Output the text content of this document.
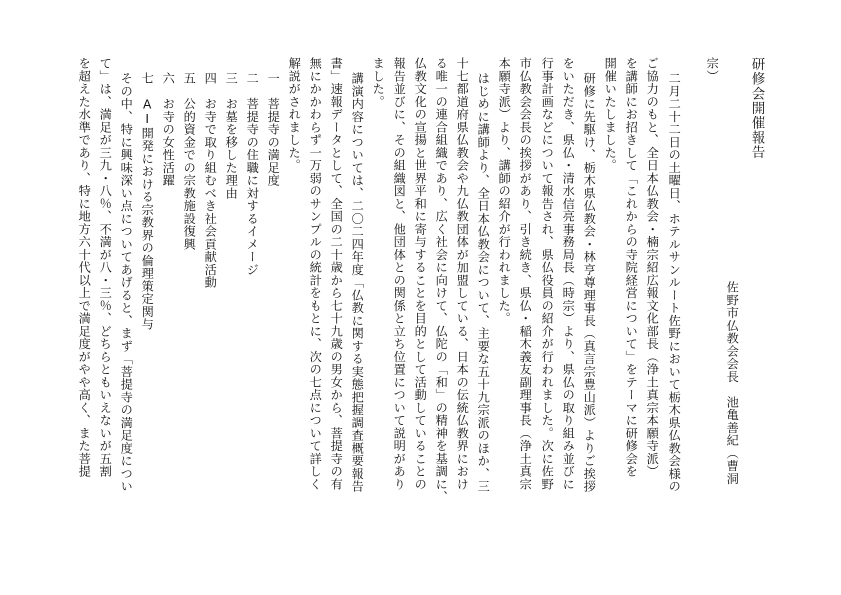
研修会開催報告

佐野市仏教会会長　池亀善紀（曹洞

宗）

二月二十二日の土曜日、ホテルサンルート佐野において栃木県仏教会様の

ご協力のもと、全日本仏教会・楠宗紹広報文化部長（浄土真宗本願寺派）

を講師にお招きして「これからの寺院経営について」をテーマに研修会を

開催いたしました。

研修に先駆け、栃木県仏教会・林亨尊理事長（真言宗豊山派）よりご挨拶

をいただき、県仏・清水信亮事務局長（時宗）より、県仏の取り組み並びに

行事計画などについて報告され、県仏役員の紹介が行われました。次に佐野

市仏教会会長の挨拶があり、引き続き、県仏・稲木義友副理事長（浄土真宗

本願寺派）より、講師の紹介が行われました。

はじめに講師より、全日本仏教会について、主要な五十九宗派のほか、三

十七都道府県仏教会や九仏教団体が加盟している、日本の伝統仏教界におけ

る唯一の連合組織であり、広く社会に向けて、仏陀の「和」の精神を基調に、

仏教文化の宣揚と世界平和に寄与することを目的として活動していることの

報告並びに、その組織図と、他団体との関係と立ち位置について説明があり

ました。

講演内容については、二〇二四年度「仏教に関する実態把握調査概要報告

書」速報データとして、全国の二十歳から七十九歳の男女から、菩提寺の有

無にかかわらず一万弱のサンプルの統計をもとに、次の七点について詳しく

解説がされました。

一　菩提寺の満足度

二　菩提寺の住職に対するイメージ

三　お墓を移した理由

四　お寺で取り組むべき社会貢献活動

五　公的資金での宗教施設復興

六　お寺の女性活躍

七　AI開発における宗教界の倫理策定関与

その中、特に興味深い点についてあげると、まず「菩提寺の満足度につい

て」は、満足が三九・八％、不満が八・三％、どちらともいえないが五割

を超えた水準であり、特に地方六十代以上で満足度がやや高く、また菩提
